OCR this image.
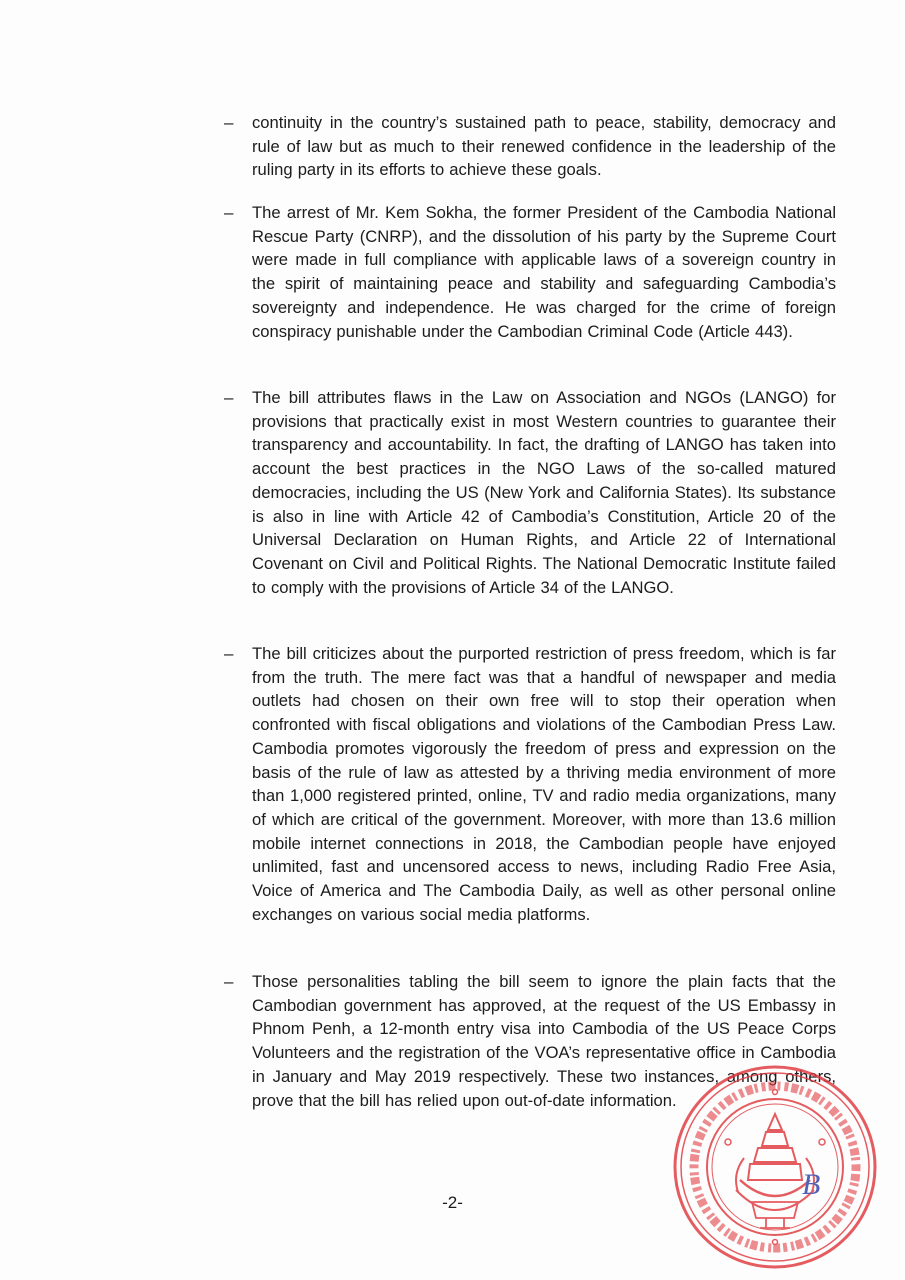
– continuity in the country’s sustained path to peace, stability, democracy and rule of law but as much to their renewed confidence in the leadership of the ruling party in its efforts to achieve these goals.
– The arrest of Mr. Kem Sokha, the former President of the Cambodia National Rescue Party (CNRP), and the dissolution of his party by the Supreme Court were made in full compliance with applicable laws of a sovereign country in the spirit of maintaining peace and stability and safeguarding Cambodia’s sovereignty and independence. He was charged for the crime of foreign conspiracy punishable under the Cambodian Criminal Code (Article 443).
– The bill attributes flaws in the Law on Association and NGOs (LANGO) for provisions that practically exist in most Western countries to guarantee their transparency and accountability. In fact, the drafting of LANGO has taken into account the best practices in the NGO Laws of the so-called matured democracies, including the US (New York and California States). Its substance is also in line with Article 42 of Cambodia’s Constitution, Article 20 of the Universal Declaration on Human Rights, and Article 22 of International Covenant on Civil and Political Rights. The National Democratic Institute failed to comply with the provisions of Article 34 of the LANGO.
– The bill criticizes about the purported restriction of press freedom, which is far from the truth. The mere fact was that a handful of newspaper and media outlets had chosen on their own free will to stop their operation when confronted with fiscal obligations and violations of the Cambodian Press Law. Cambodia promotes vigorously the freedom of press and expression on the basis of the rule of law as attested by a thriving media environment of more than 1,000 registered printed, online, TV and radio media organizations, many of which are critical of the government. Moreover, with more than 13.6 million mobile internet connections in 2018, the Cambodian people have enjoyed unlimited, fast and uncensored access to news, including Radio Free Asia, Voice of America and The Cambodia Daily, as well as other personal online exchanges on various social media platforms.
– Those personalities tabling the bill seem to ignore the plain facts that the Cambodian government has approved, at the request of the US Embassy in Phnom Penh, a 12-month entry visa into Cambodia of the US Peace Corps Volunteers and the registration of the VOA’s representative office in Cambodia in January and May 2019 respectively. These two instances, among others, prove that the bill has relied upon out-of-date information.
-2-
B
